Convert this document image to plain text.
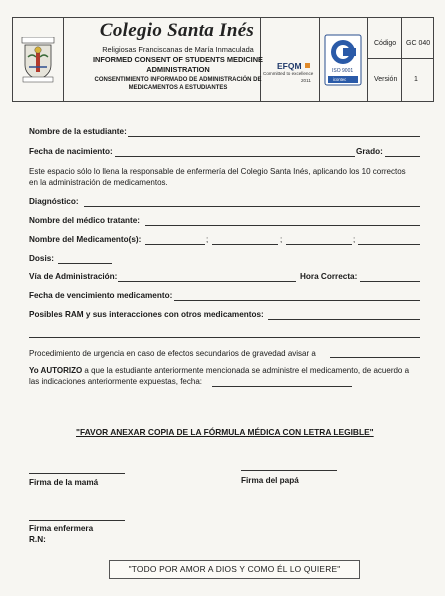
Colegio Santa Inés
Religiosas Franciscanas de María Inmaculada
INFORMED CONSENT OF STUDENTS MEDICINE
ADMINISTRATION
CONSENTIMIENTO INFORMADO DE ADMINISTRACIÓN DE
MEDICAMENTOS A ESTUDIANTES
EFQM
Committed to excellence
2011
ISO 9001
icontec
Código GC 040
Versión 1
Nombre de la estudiante:
Fecha de nacimiento:	Grado:
Este espacio sólo lo llena la responsable de enfermería del Colegio Santa Inés, aplicando los 10 correctos
en la administración de medicamentos.
Diagnóstico:
Nombre del médico tratante:
Nombre del Medicamento(s):	;	;	;
Dosis:
Vía de Administración:	Hora Correcta:
Fecha de vencimiento medicamento:
Posibles RAM y sus interacciones con otros medicamentos:
Procedimiento de urgencia en caso de efectos secundarios de gravedad avisar a
Yo AUTORIZO a que la estudiante anteriormente mencionada se administre el medicamento, de acuerdo a
las indicaciones anteriormente expuestas, fecha:
"FAVOR ANEXAR COPIA DE LA FÓRMULA MÉDICA CON LETRA LEGIBLE"
Firma de la mamá	Firma del papá
Firma enfermera
R.N:
"TODO POR AMOR A DIOS Y COMO ÉL LO QUIERE"
